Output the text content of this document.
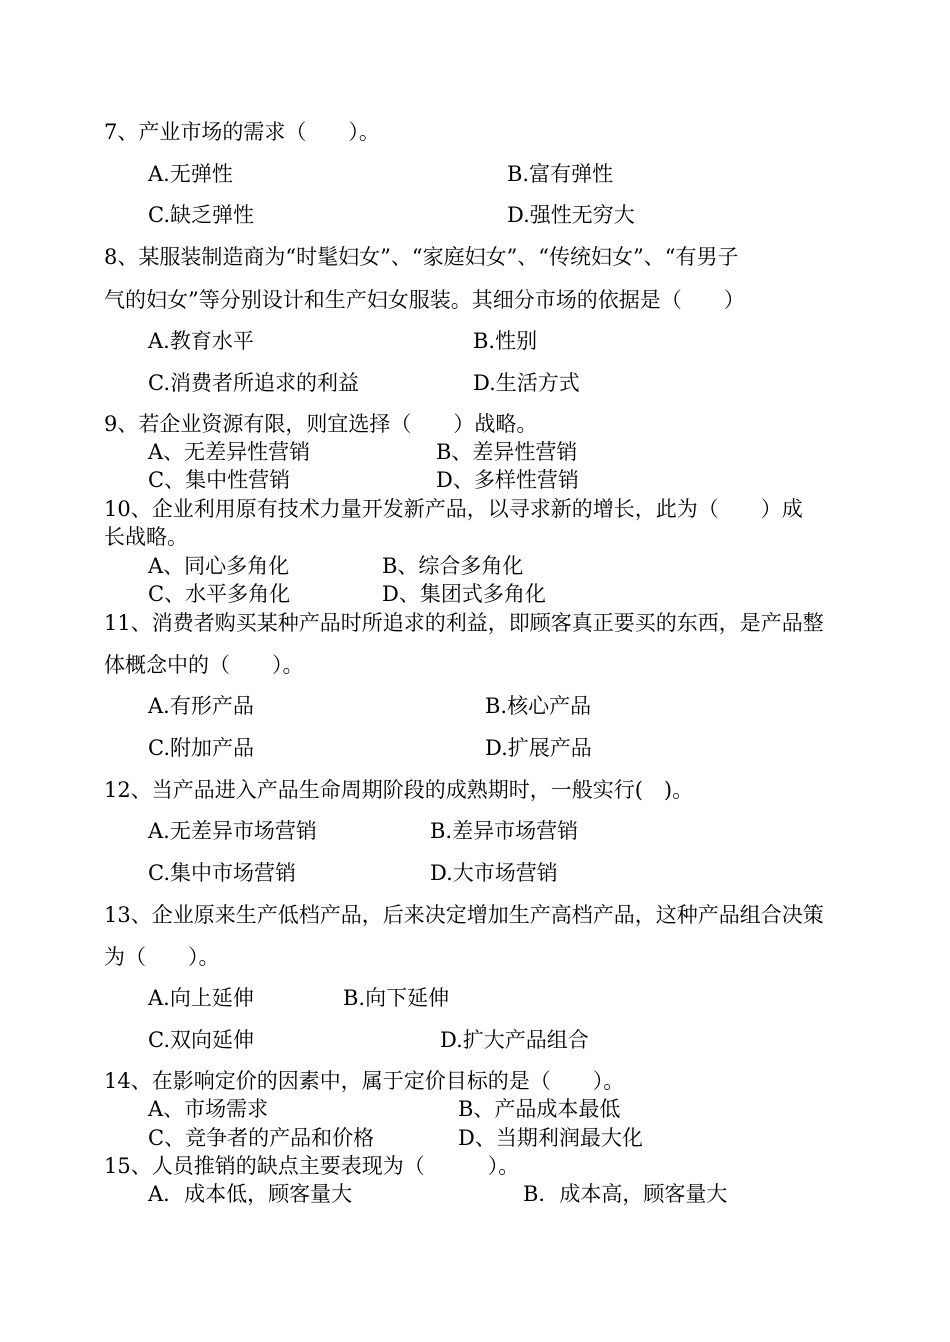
7、产业市场的需求（　　）。
A.无弹性	B.富有弹性
C.缺乏弹性	D.强性无穷大
8、某服装制造商为“时髦妇女”、“家庭妇女”、“传统妇女”、“有男子
气的妇女”等分别设计和生产妇女服装。其细分市场的依据是（　　）
A.教育水平	B.性别
C.消费者所追求的利益	D.生活方式
9、若企业资源有限，则宜选择（　　）战略。
A、无差异性营销	B、差异性营销
C、集中性营销	D、多样性营销
10、企业利用原有技术力量开发新产品，以寻求新的增长，此为（　　）成
长战略。
A、同心多角化	B、综合多角化
C、水平多角化	D、集团式多角化
11、消费者购买某种产品时所追求的利益，即顾客真正要买的东西，是产品整
体概念中的（　　）。
A.有形产品	B.核心产品
C.附加产品	D.扩展产品
12、当产品进入产品生命周期阶段的成熟期时，一般实行(　)。
A.无差异市场营销	B.差异市场营销
C.集中市场营销	D.大市场营销
13、企业原来生产低档产品，后来决定增加生产高档产品，这种产品组合决策
为（　　）。
A.向上延伸	B.向下延伸
C.双向延伸	D.扩大产品组合
14、在影响定价的因素中，属于定价目标的是（　　）。
A、市场需求	B、产品成本最低
C、竞争者的产品和价格	D、当期利润最大化
15、人员推销的缺点主要表现为（　　　）。
A．成本低，顾客量大	B．成本高，顾客量大
